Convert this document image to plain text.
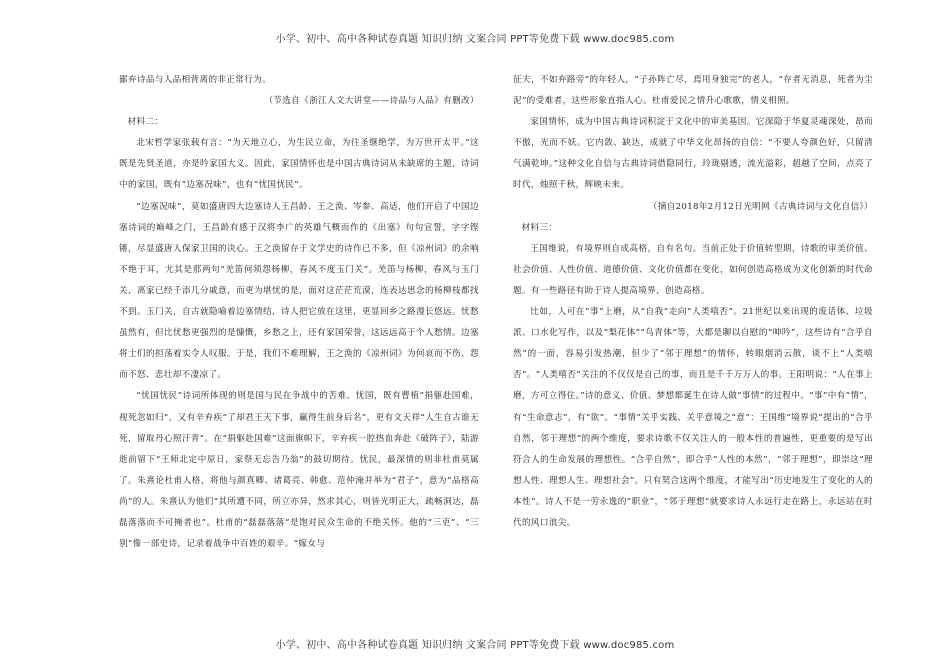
小学、初中、高中各种试卷真题 知识归纳 文案合同 PPT等免费下载 www.doc985.com

鄙弃诗品与人品相背离的非正常行为。

（节选自《浙江人文大讲堂——诗品与人品》有删改）

材料二：

北宋哲学家张载有言：“为天地立心，为生民立命，为往圣继绝学，为万世开太平。”这既是先贤圣道，亦是吟家国大义。因此，家国情怀也是中国古典诗词从未缺席的主题，诗词中的家国，既有“边塞况味”，也有“忧国忧民”。

“边塞况味”，莫如盛唐四大边塞诗人王昌龄、王之涣、岑参、高适，他们开启了中国边塞诗词的巅峰之门，王昌龄有感于汉将李广的英雄气概而作的《出塞》句句宣誓，字字铿锵，尽显盛唐人保家卫国的决心。王之涣留存于文学史的诗作已不多，但《凉州词》的余响不绝于耳，尤其是那两句“羌笛何须怨杨柳，春风不度玉门关”。羌笛与杨柳，春风与玉门关，离家已经千添几分戚意，而更为堪忧的是，面对这茫茫荒漠，连表达思念的杨柳枝都找不到。玉门关，自古就隐喻着边塞情结，诗人把它放在这里，更显回乡之路漫长悠远。忧愁虽然有，但比忧愁更强烈的是慷慨，乡愁之上，还有家国荣誉，这远远高于个人愁情。边塞将士们的担荡着实令人叹服。于是，我们不难理解，王之涣的《凉州词》为何哀而不伤、怨而不怒、悲壮却不凄凉了。

“忧国忧民”诗词所体现的则是国与民在争战中的苦难。忧国，既有曹植“捐躯赴国难，视死忽如归”，又有辛弃疾“了却君王天下事，赢得生前身后名”，更有文天祥“人生自古谁无死，留取丹心照汗青”。在“捐躯赴国难”这面旗帜下，辛弃疾一腔热血奔赴《破阵子》，陆游逝前留下“王师北定中原日，家祭无忘告乃翁”的鼓切期待。忧民，最深情的则非杜甫莫属了。朱熹论杜甫人格，将他与颜真卿、诸葛亮、韩愈、范仲淹并举为“君子”，意为“品格高尚”的人。朱熹认为他们“其所遭不同，所立亦异，然求其心，则皆光明正大，疏畅洞达，磊磊落落而不可掩者也”。杜甫的“磊磊落落”是饱对民众生命的不绝关怀。他的“三吏”、“三别”像一部史诗，记录着战争中百姓的艰辛。“嫁女与

征夫，不如弃路旁”的年轻人，“子孙阵亡尽，焉用身独完”的老人，“存者无消息，死者为尘泥”的受难者，这些形象直指人心。杜甫爱民之情升心歌歌，情义相照。

家国情怀，成为中国古典诗词积淀于文化中的审美基因。它深隐于华夏灵魂深处，昂而不傲，光而不妖。它内敛、缺达，成就了中华文化昂扬的自信：“不要人夸颜色好，只留清气满乾坤。”这种文化自信与古典诗词借隐同行，玲珑剔透，流光溢彩，超越了空间，点亮了时代，烛照千秋，辉映未来。

（摘自2018年2月12日光明网《古典诗词与文化自信》）

材料三：

王国维说，有境界则自成高格，自有名句。当前正处于价值转型期，诗歌的审美价值、社会价值、人性价值、道德价值、文化价值都在变化，如何创造高格成为文化创新的时代命题。有一些路径有助于诗人提高境界，创造高格。

比如，人可在“事”上磨，从“自我”走向“人类嘻否”。21世纪以来出现的废话体、垃圾派、口水化写作，以及“梨花体”“鸟青体”等，大都是聊以自慰的“呻吟”，这些诗有“合乎自然”的一面，容易引发热潮，但少了“邻于理想”的情怀，转眼烟消云散，谈不上“人类嘻否”。“人类嘻否”关注的不仅仅是自己的事，而且是千千万万人的事。王阳明说：“人在事上磨，方可立得住。”诗的意义、价值、梦想都诞生在诗人做“事情”的过程中。“事”中有“情”，有“生命意志”，有“欲”。“事情”关乎实践、关乎意境之“意”：王国维“境界说”提出的“合乎自然，邻于理想”的两个维度，要求诗歌不仅关注人的一般本性的普遍性，更重要的是写出符合人的生命发展的理想性。“合乎自然”，即合乎“人性的本然”，“邻于理想”，即崇这“理想人性、理想人生、理想社会”。只有契合这两个维度，才能写出“历史地发生了变化的人的本性”。诗人不是一劳永逸的“职业”，“邻于理想”就要求诗人永远行走在路上，永远站在时代的风口浪尖。

小学、初中、高中各种试卷真题 知识归纳 文案合同 PPT等免费下载 www.doc985.com
